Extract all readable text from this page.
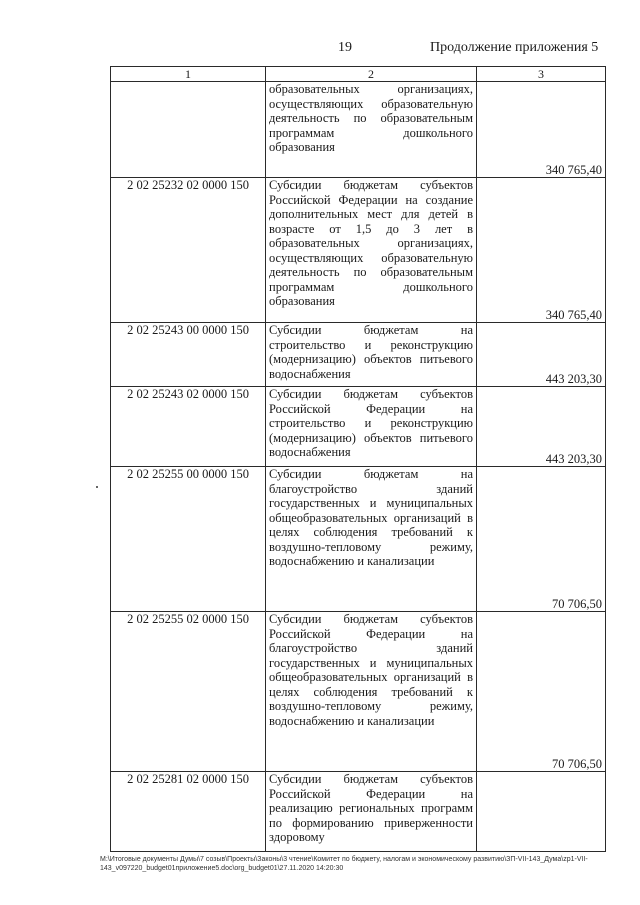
19	Продолжение приложения 5
1	2	3
	образовательных организациях, осуществляющих образовательную деятельность по образовательным программам дошкольного образования	340 765,40
2 02 25232 02 0000 150	Субсидии бюджетам субъектов Российской Федерации на создание дополнительных мест для детей в возрасте от 1,5 до 3 лет в образовательных организациях, осуществляющих образовательную деятельность по образовательным программам дошкольного образования	340 765,40
2 02 25243 00 0000 150	Субсидии бюджетам на строительство и реконструкцию (модернизацию) объектов питьевого водоснабжения	443 203,30
2 02 25243 02 0000 150	Субсидии бюджетам субъектов Российской Федерации на строительство и реконструкцию (модернизацию) объектов питьевого водоснабжения	443 203,30
2 02 25255 00 0000 150	Субсидии бюджетам на благоустройство зданий государственных и муниципальных общеобразовательных организаций в целях соблюдения требований к воздушно-тепловому режиму, водоснабжению и канализации	70 706,50
2 02 25255 02 0000 150	Субсидии бюджетам субъектов Российской Федерации на благоустройство зданий государственных и муниципальных общеобразовательных организаций в целях соблюдения требований к воздушно-тепловому режиму, водоснабжению и канализации	70 706,50
2 02 25281 02 0000 150	Субсидии бюджетам субъектов Российской Федерации на реализацию региональных программ по формированию приверженности здоровому	
M:\Итоговые документы Думы\7 созыв\Проекты\Законы\3 чтение\Комитет по бюджету, налогам и экономическому развитию\ЗП-VII-143_Дума\zp1-VII-143_v097220_budget01приложение5.doc\org_budget01\27.11.2020 14:20:30
